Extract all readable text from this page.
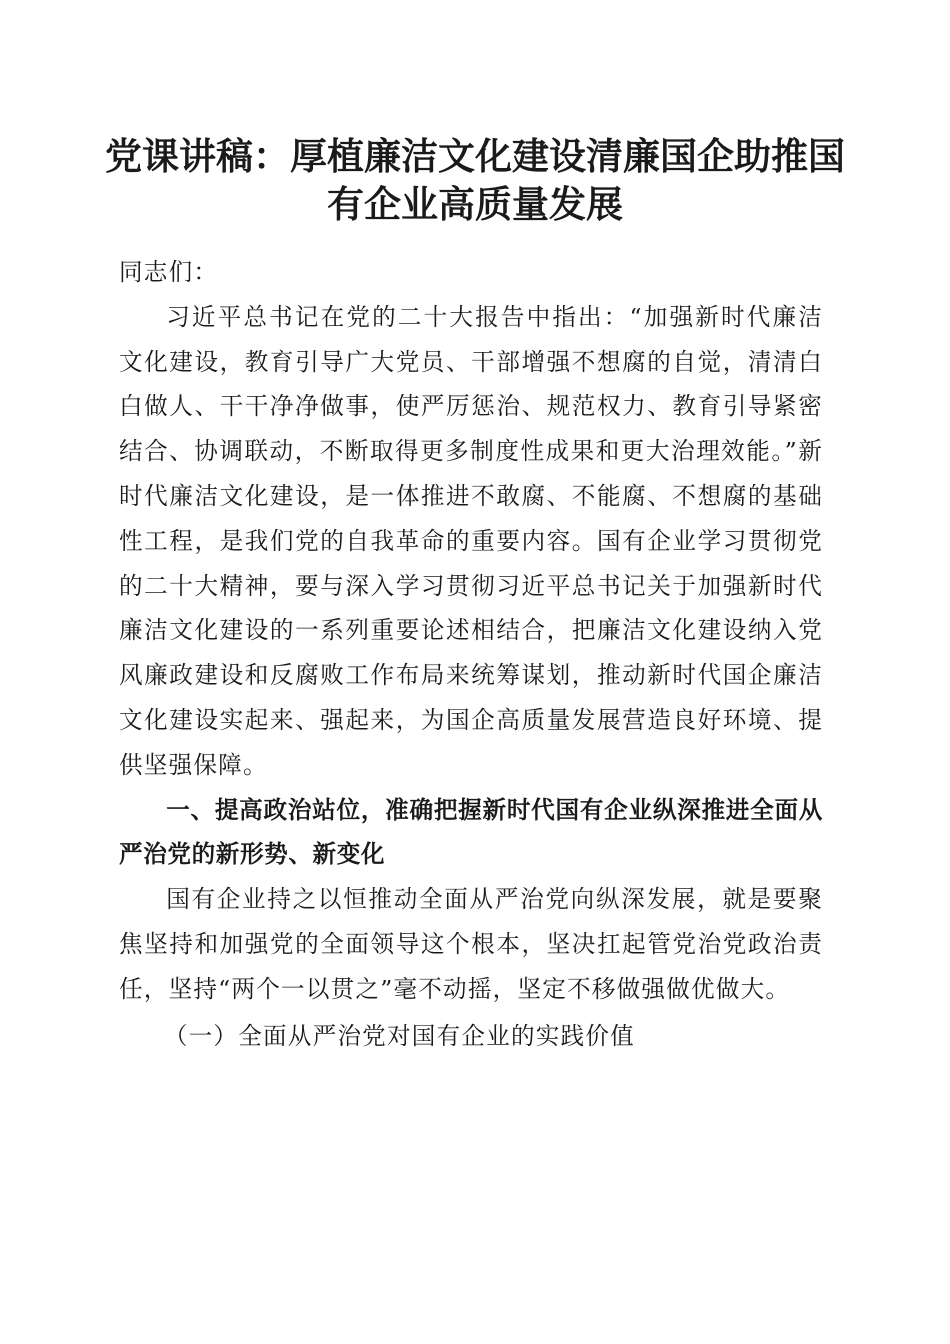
党课讲稿：厚植廉洁文化建设清廉国企助推国
有企业高质量发展

同志们：

习近平总书记在党的二十大报告中指出：“加强新时代廉洁文化建设，教育引导广大党员、干部增强不想腐的自觉，清清白白做人、干干净净做事，使严厉惩治、规范权力、教育引导紧密结合、协调联动，不断取得更多制度性成果和更大治理效能。”新时代廉洁文化建设，是一体推进不敢腐、不能腐、不想腐的基础性工程，是我们党的自我革命的重要内容。国有企业学习贯彻党的二十大精神，要与深入学习贯彻习近平总书记关于加强新时代廉洁文化建设的一系列重要论述相结合，把廉洁文化建设纳入党风廉政建设和反腐败工作布局来统筹谋划，推动新时代国企廉洁文化建设实起来、强起来，为国企高质量发展营造良好环境、提供坚强保障。

一、提高政治站位，准确把握新时代国有企业纵深推进全面从严治党的新形势、新变化

国有企业持之以恒推动全面从严治党向纵深发展，就是要聚焦坚持和加强党的全面领导这个根本，坚决扛起管党治党政治责任，坚持“两个一以贯之”毫不动摇，坚定不移做强做优做大。

（一）全面从严治党对国有企业的实践价值
